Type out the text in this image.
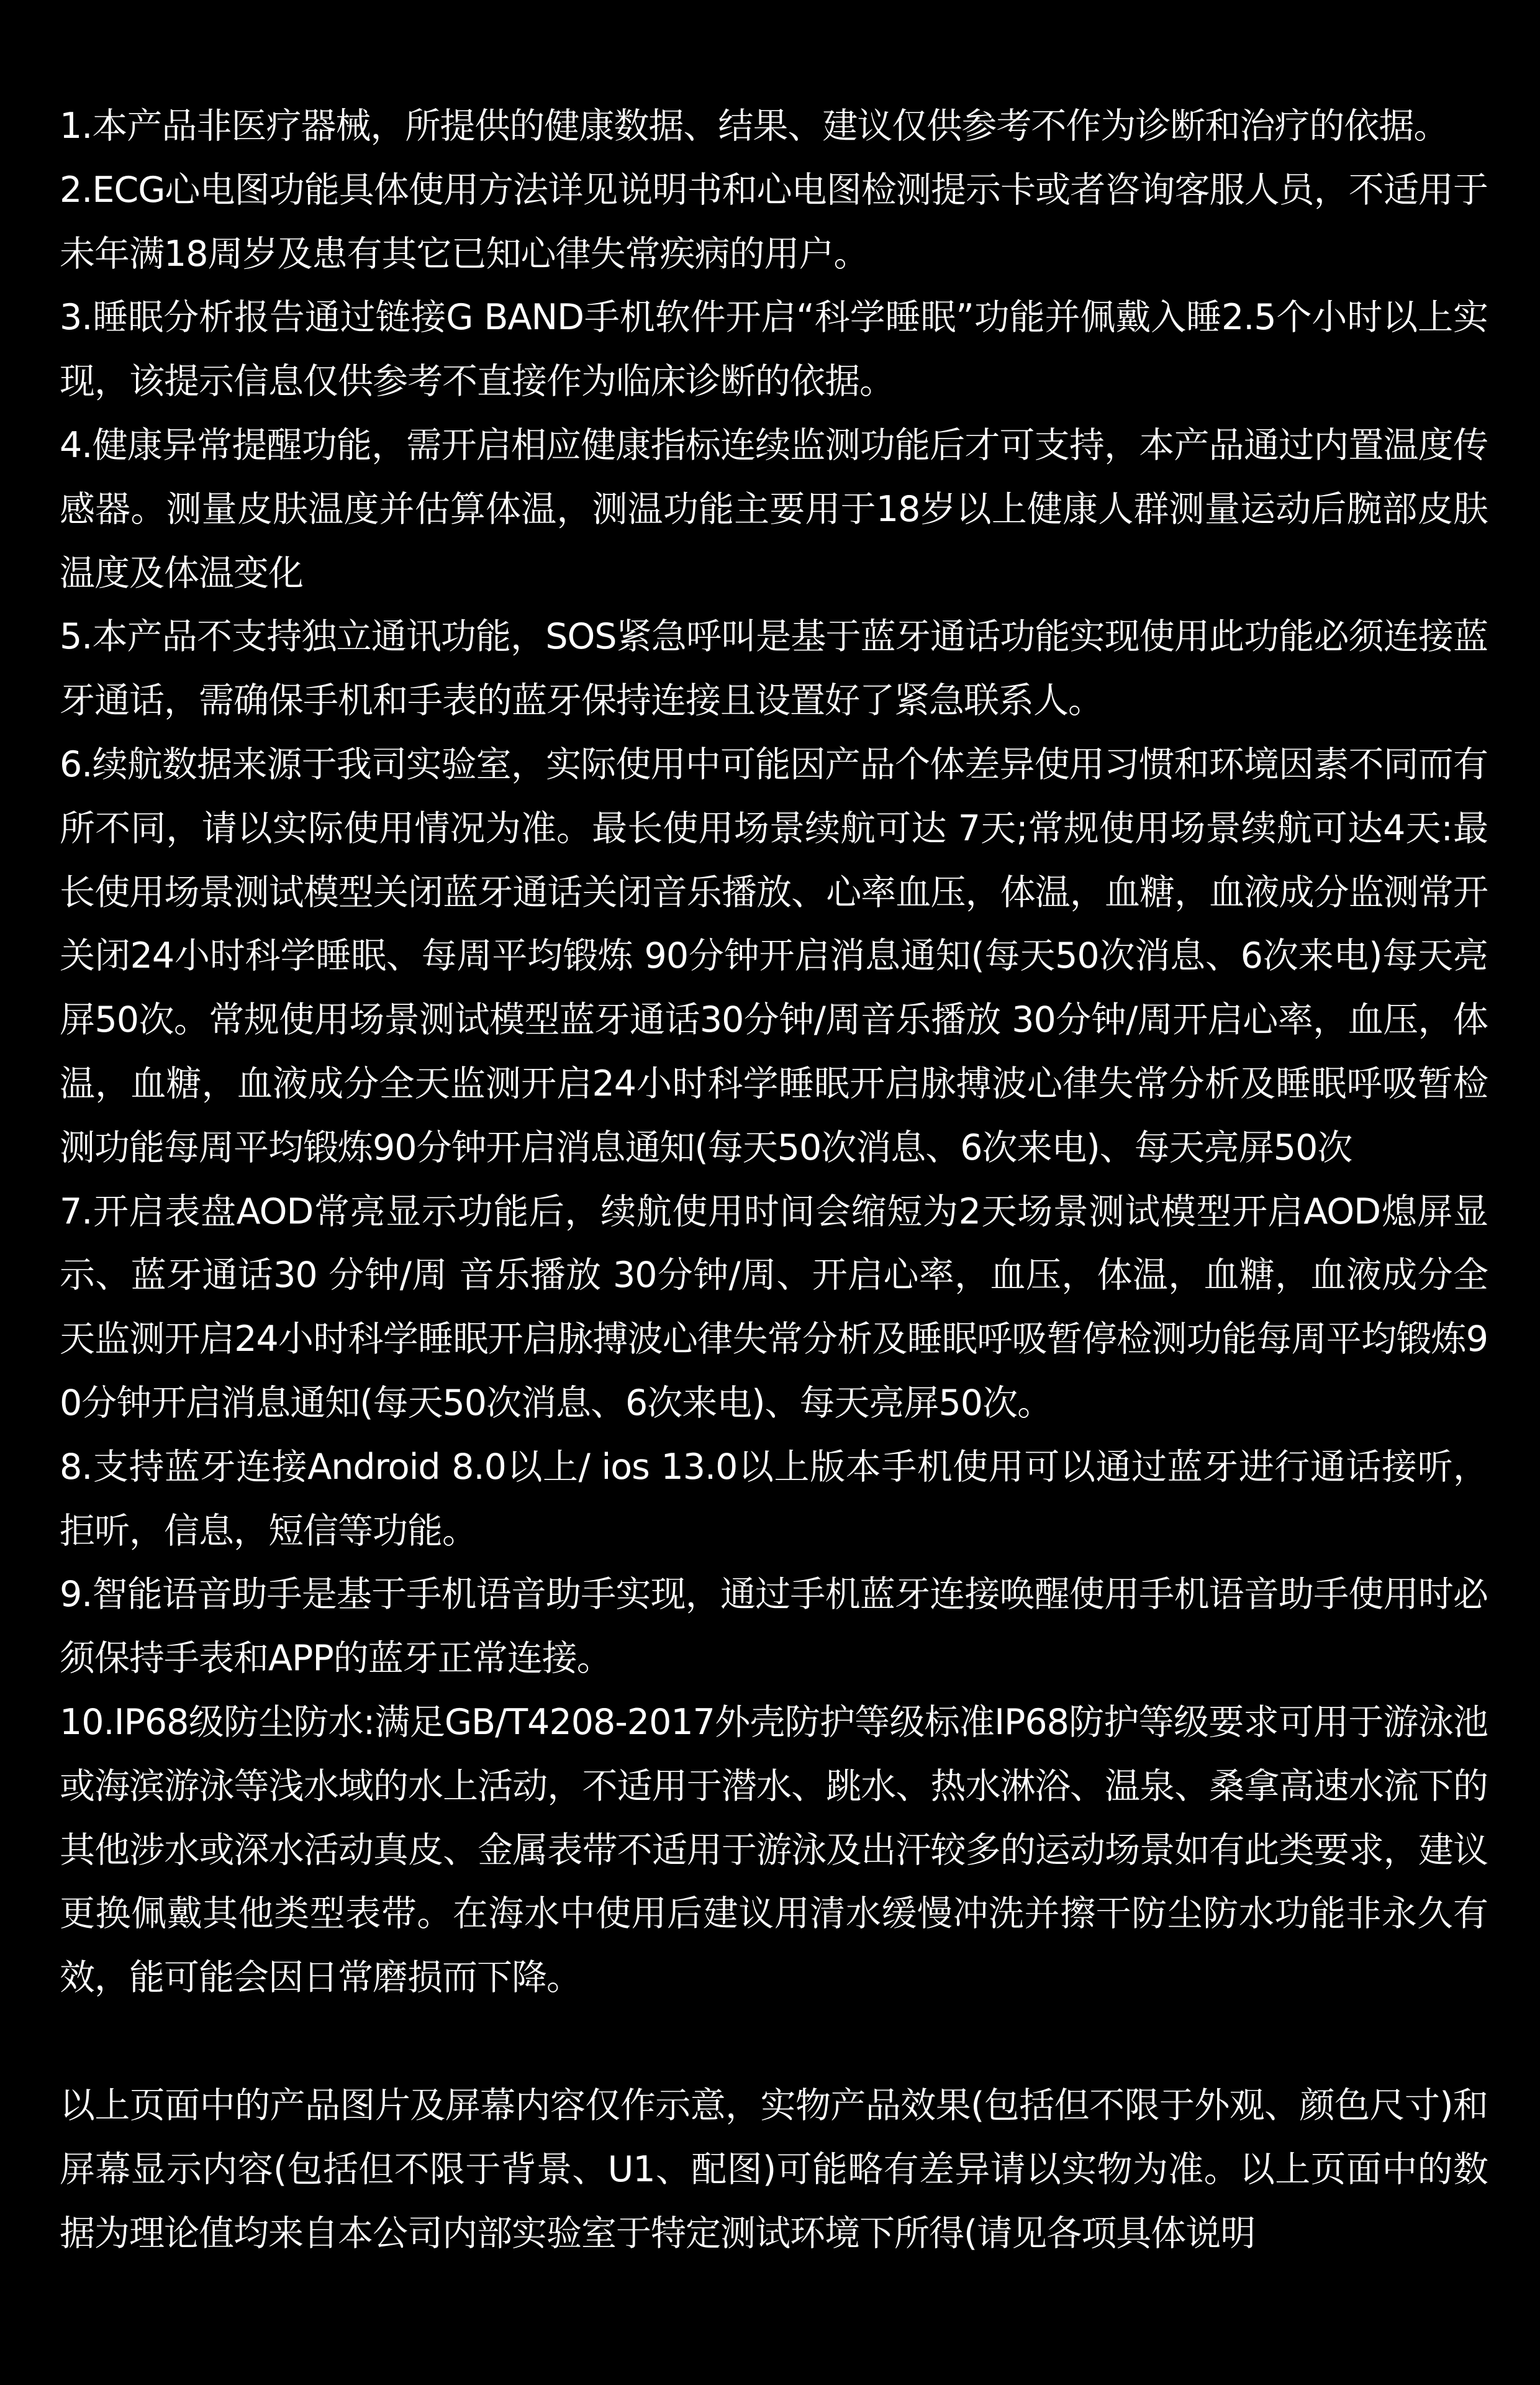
1.本产品非医疗器械，所提供的健康数据、结果、建议仅供参考不作为诊断和治疗的依据。
2.ECG心电图功能具体使用方法详见说明书和心电图检测提示卡或者咨询客服人员，不适用于未年满18周岁及患有其它已知心律失常疾病的用户。
3.睡眠分析报告通过链接G BAND手机软件开启“科学睡眠”功能并佩戴入睡2.5个小时以上实现，该提示信息仅供参考不直接作为临床诊断的依据。
4.健康异常提醒功能，需开启相应健康指标连续监测功能后才可支持，本产品通过内置温度传感器。测量皮肤温度并估算体温，测温功能主要用于18岁以上健康人群测量运动后腕部皮肤温度及体温变化
5.本产品不支持独立通讯功能，SOS紧急呼叫是基于蓝牙通话功能实现使用此功能必须连接蓝牙通话，需确保手机和手表的蓝牙保持连接且设置好了紧急联系人。
6.续航数据来源于我司实验室，实际使用中可能因产品个体差异使用习惯和环境因素不同而有所不同，请以实际使用情况为准。最长使用场景续航可达 7天;常规使用场景续航可达4天:最长使用场景测试模型关闭蓝牙通话关闭音乐播放、心率血压，体温，血糖，血液成分监测常开关闭24小时科学睡眠、每周平均锻炼 90分钟开启消息通知(每天50次消息、6次来电)每天亮屏50次。常规使用场景测试模型蓝牙通话30分钟/周音乐播放 30分钟/周开启心率，血压，体温，血糖，血液成分全天监测开启24小时科学睡眠开启脉搏波心律失常分析及睡眠呼吸暂检测功能每周平均锻炼90分钟开启消息通知(每天50次消息、6次来电)、每天亮屏50次
7.开启表盘AOD常亮显示功能后，续航使用时间会缩短为2天场景测试模型开启AOD熄屏显示、蓝牙通话30 分钟/周 音乐播放 30分钟/周、开启心率，血压，体温，血糖，血液成分全天监测开启24小时科学睡眠开启脉搏波心律失常分析及睡眠呼吸暂停检测功能每周平均锻炼90分钟开启消息通知(每天50次消息、6次来电)、每天亮屏50次。
8.支持蓝牙连接Android 8.0以上/ ios 13.0以上版本手机使用可以通过蓝牙进行通话接听，拒听，信息，短信等功能。
9.智能语音助手是基于手机语音助手实现，通过手机蓝牙连接唤醒使用手机语音助手使用时必须保持手表和APP的蓝牙正常连接。
10.IP68级防尘防水:满足GB/T4208-2017外壳防护等级标准IP68防护等级要求可用于游泳池或海滨游泳等浅水域的水上活动，不适用于潜水、跳水、热水淋浴、温泉、桑拿高速水流下的其他涉水或深水活动真皮、金属表带不适用于游泳及出汗较多的运动场景如有此类要求，建议更换佩戴其他类型表带。在海水中使用后建议用清水缓慢冲洗并擦干防尘防水功能非永久有效，能可能会因日常磨损而下降。

以上页面中的产品图片及屏幕内容仅作示意，实物产品效果(包括但不限于外观、颜色尺寸)和屏幕显示内容(包括但不限于背景、U1、配图)可能略有差异请以实物为准。以上页面中的数据为理论值均来自本公司内部实验室于特定测试环境下所得(请见各项具体说明
